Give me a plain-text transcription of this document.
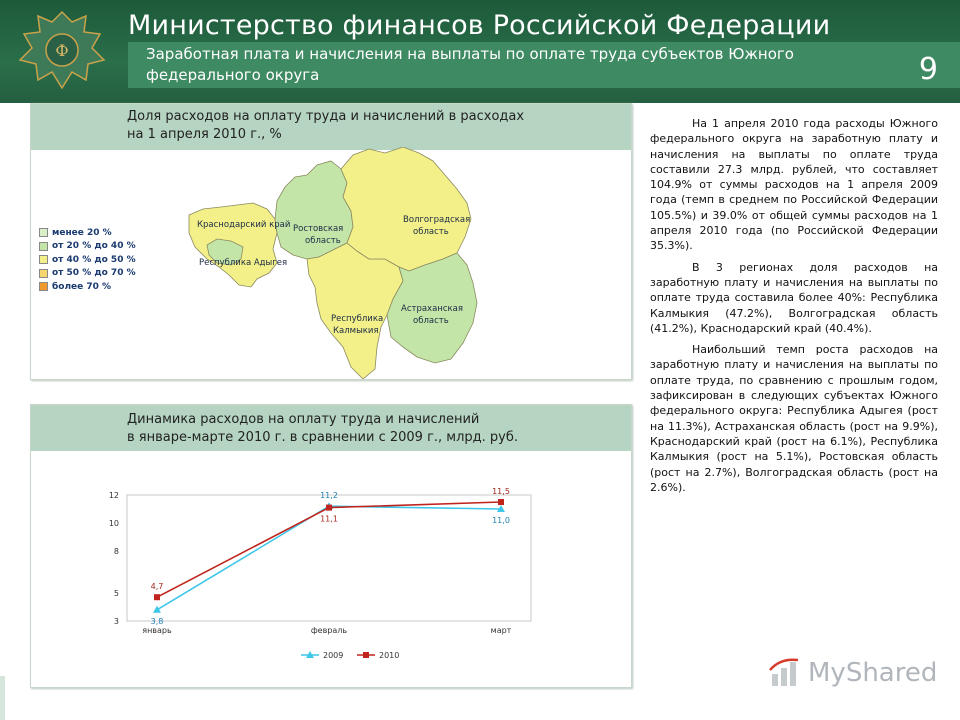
Ф
Министерство финансов Российской Федерации
Заработная плата и начисления на выплаты по оплате труда субъектов Южного федерального округа	9
Доля расходов на оплату труда и начислений в расходах
на 1 апреля 2010 г., %
менее 20 %
от 20 % до 40 %
от 40 % до 50 %
от 50 % до 70 %
более 70 %
Краснодарский край
Республика Адыгея
Ростовская
область
Волгоградская
область
Республика
Калмыкия
Астраханская
область
Динамика расходов на оплату труда и начислений
в январе-марте 2010 г. в сравнении с 2009 г., млрд. руб.
3
5
8
10
12
январь	февраль	март
3,8
11,2
11,0
4,7
11,1
11,5
2009	2010

На 1 апреля 2010 года расходы Южного федерального округа на заработную плату и начисления на выплаты по оплате труда составили 27.3 млрд. рублей, что составляет 104.9% от суммы расходов на 1 апреля 2009 года (темп в среднем по Российской Федерации 105.5%) и 39.0% от общей суммы расходов на 1 апреля 2010 года (по Российской Федерации 35.3%).

В 3 регионах доля расходов на заработную плату и начисления на выплаты по оплате труда составила более 40%: Республика Калмыкия (47.2%), Волгоградская область (41.2%), Краснодарский край (40.4%).

Наибольший темп роста расходов на заработную плату и начисления на выплаты по оплате труда, по сравнению с прошлым годом, зафиксирован в следующих субъектах Южного федерального округа: Республика Адыгея (рост на 11.3%), Астраханская область (рост на 9.9%), Краснодарский край (рост на 6.1%), Республика Калмыкия (рост на 5.1%), Ростовская область (рост на 2.7%), Волгоградская область (рост на 2.6%).

MyShared
